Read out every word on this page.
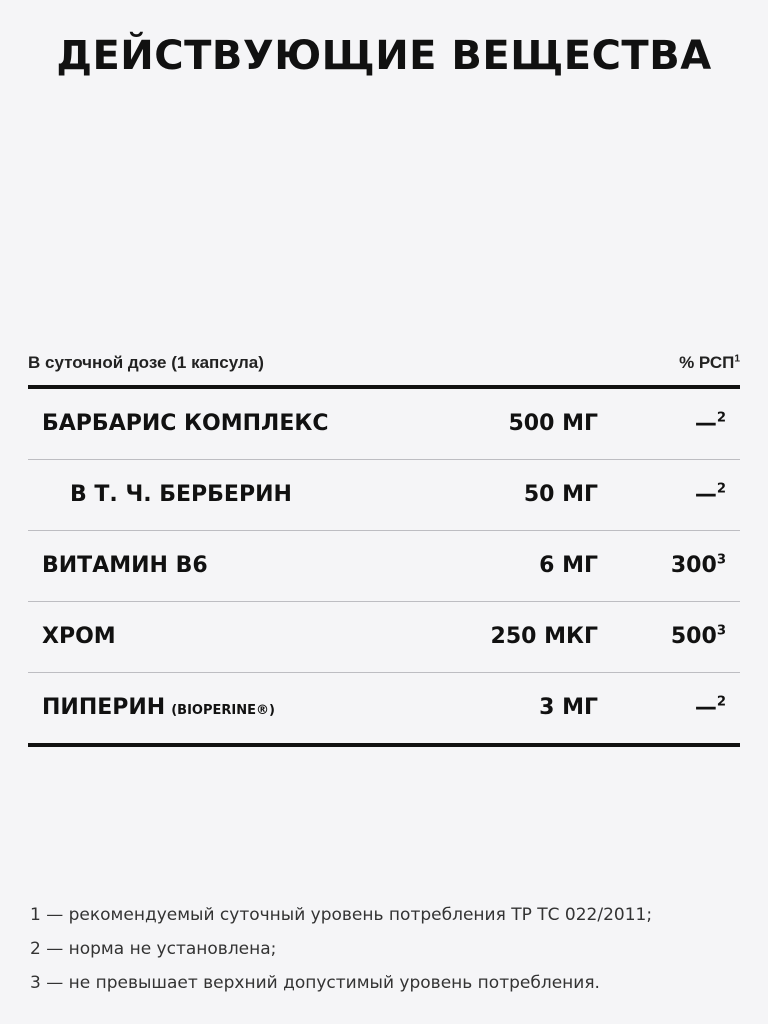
ДЕЙСТВУЮЩИЕ ВЕЩЕСТВА
В суточной дозе (1 капсула)	% РСП$^1$
БАРБАРИС КОМПЛЕКС	500 МГ	—$^2$
В Т. Ч. БЕРБЕРИН	50 МГ	—$^2$
ВИТАМИН В6	6 МГ	$300^3$
ХРОМ	250 МКГ	$500^3$
ПИПЕРИН (BIOPERINE®)	3 МГ	—$^2$
1 — рекомендуемый суточный уровень потребления ТР ТС 022/2011;
2 — норма не установлена;
3 — не превышает верхний допустимый уровень потребления.
